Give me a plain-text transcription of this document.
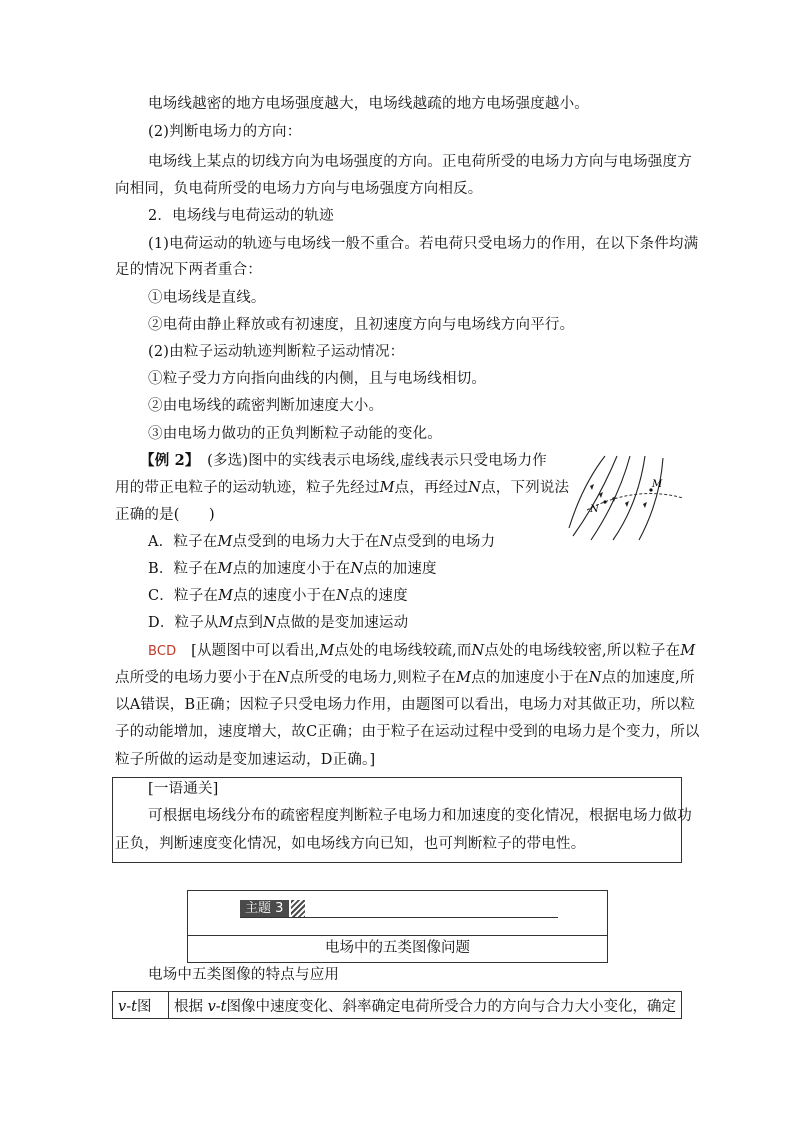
电场线越密的地方电场强度越大，电场线越疏的地方电场强度越小。
(2)判断电场力的方向：
电场线上某点的切线方向为电场强度的方向。正电荷所受的电场力方向与电场强度方
向相同，负电荷所受的电场力方向与电场强度方向相反。
2．电场线与电荷运动的轨迹
(1)电荷运动的轨迹与电场线一般不重合。若电荷只受电场力的作用，在以下条件均满
足的情况下两者重合：
①电场线是直线。
②电荷由静止释放或有初速度，且初速度方向与电场线方向平行。
(2)由粒子运动轨迹判断粒子运动情况：
①粒子受力方向指向曲线的内侧，且与电场线相切。
②由电场线的疏密判断加速度大小。
③由电场力做功的正负判断粒子动能的变化。
【例 2】　(多选)图中的实线表示电场线,虚线表示只受电场力作
用的带正电粒子的运动轨迹，粒子先经过M点，再经过N点，下列说法
正确的是(　　)
A．粒子在M点受到的电场力大于在N点受到的电场力
B．粒子在M点的加速度小于在N点的加速度
C．粒子在M点的速度小于在N点的速度
D．粒子从M点到N点做的是变加速运动
N
M
BCD　 [从题图中可以看出,M点处的电场线较疏,而N点处的电场线较密,所以粒子在M
点所受的电场力要小于在N点所受的电场力,则粒子在M点的加速度小于在N点的加速度,所
以A错误，B正确；因粒子只受电场力作用，由题图可以看出，电场力对其做正功，所以粒
子的动能增加，速度增大，故C正确；由于粒子在运动过程中受到的电场力是个变力，所以
粒子所做的运动是变加速运动，D正确。]
[一语通关]
可根据电场线分布的疏密程度判断粒子电场力和加速度的变化情况，根据电场力做功
正负，判断速度变化情况，如电场线方向已知，也可判断粒子的带电性。
主题 3
电场中的五类图像问题
电场中五类图像的特点与应用
v-t图	根据 v-t图像中速度变化、斜率确定电荷所受合力的方向与合力大小变化，确定
